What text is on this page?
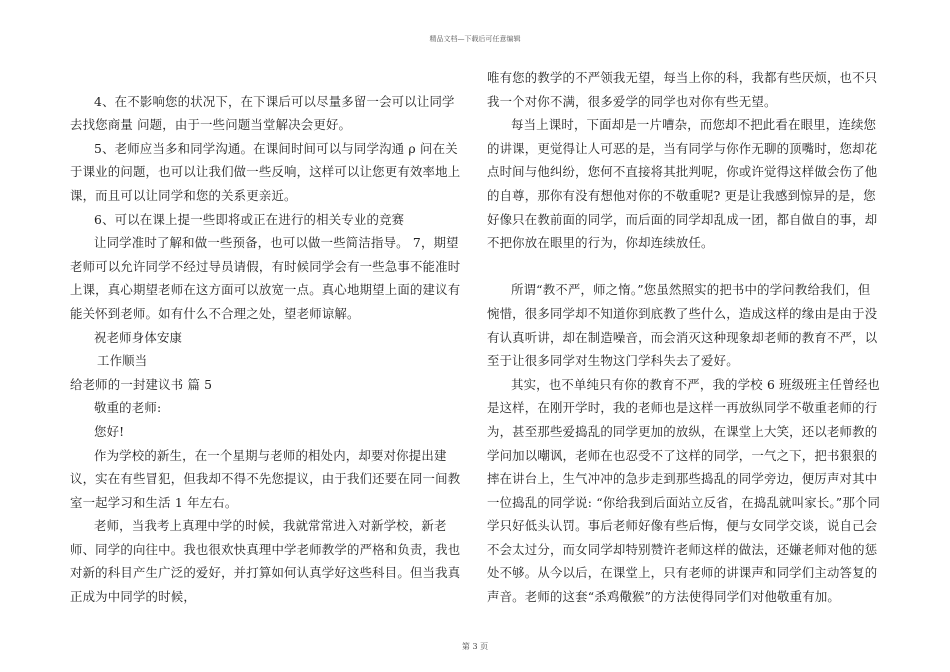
精品文档—下载后可任意编辑

4、在不影响您的状况下，在下课后可以尽量多留一会可以让同学去找您商量 问题，由于一些问题当堂解决会更好。

5、老师应当多和同学沟通。在课间时间可以与同学沟通 ρ 问在关于课业的问题，也可以让我们做一些反响，这样可以让您更有效率地上课，而且可以让同学和您的关系更亲近。

6、可以在课上提一些即将或正在进行的相关专业的竞赛

让同学准时了解和做一些预备，也可以做一些简洁指导。 7，期望老师可以允许同学不经过导员请假，有时候同学会有一些急事不能准时上课，真心期望老师在这方面可以放宽一点。真心地期望上面的建议有能关怀到老师。如有什么不合理之处，望老师谅解。

祝老师身体安康

工作顺当

给老师的一封建议书 篇 5

敬重的老师:

您好!

作为学校的新生，在一个星期与老师的相处内，却要对你提出建议，实在有些冒犯，但我却不得不先您提议，由于我们还要在同一间教室一起学习和生活 1 年左右。

老师，当我考上真理中学的时候，我就常常进入对新学校，新老师、同学的向往中。我也很欢快真理中学老师教学的严格和负责，我也对新的科目产生广泛的爱好，并打算如何认真学好这些科目。但当我真正成为中同学的时候，

唯有您的教学的不严领我无望，每当上你的科，我都有些厌烦，也不只我一个对你不满，很多爱学的同学也对你有些无望。

每当上课时，下面却是一片嘈杂，而您却不把此看在眼里，连续您的讲课，更觉得让人可恶的是，当有同学与你作无聊的顶嘴时，您却花点时间与他纠纷，您何不直接将其批判呢，你或许觉得这样做会伤了他的自尊，那你有没有想他对你的不敬重呢? 更是让我感到惊异的是，您好像只在教前面的同学，而后面的同学却乱成一团，都自做自的事，却不把你放在眼里的行为，你却连续放任。

所谓“教不严，师之惰。”您虽然照实的把书中的学问教给我们，但惋惜，很多同学却不知道你到底教了些什么，造成这样的缘由是由于没有认真听讲，却在制造噪音，而会消灭这种现象却老师的教育不严，以至于让很多同学对生物这门学科失去了爱好。

其实，也不单纯只有你的教育不严，我的学校 6 班级班主任曾经也是这样，在刚开学时，我的老师也是这样一再放纵同学不敬重老师的行为，甚至那些爱捣乱的同学更加的放纵，在课堂上大笑，还以老师教的学问加以嘲讽，老师在也忍受不了这样的同学，一气之下，把书狠狠的摔在讲台上，生气冲冲的急步走到那些捣乱的同学旁边，便厉声对其中一位捣乱的同学说: “你给我到后面站立反省，在捣乱就叫家长。”那个同学只好低头认罚。事后老师好像有些后悔，便与女同学交谈，说自己会不会太过分，而女同学却特别赞许老师这样的做法，还嫌老师对他的惩处不够。从今以后，在课堂上，只有老师的讲课声和同学们主动答复的声音。老师的这套“杀鸡儆猴”的方法使得同学们对他敬重有加。

第 3 页
